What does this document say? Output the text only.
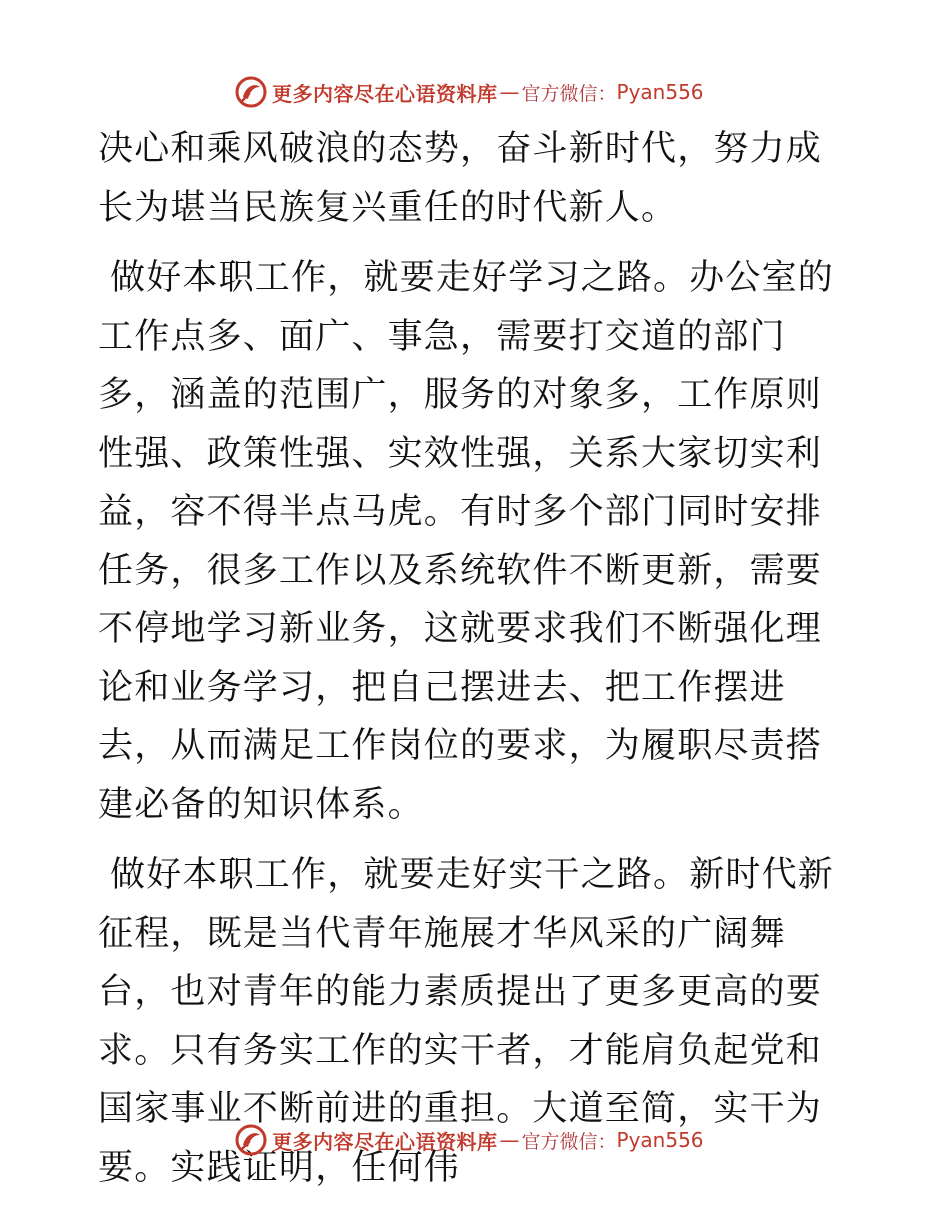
更多内容尽在心语资料库 — 官方微信： Pyan556

决心和乘风破浪的态势，奋斗新时代，努力成长为堪当民族复兴重任的时代新人。

做好本职工作，就要走好学习之路。办公室的工作点多、面广、事急，需要打交道的部门多，涵盖的范围广，服务的对象多，工作原则性强、政策性强、实效性强，关系大家切实利益，容不得半点马虎。有时多个部门同时安排任务，很多工作以及系统软件不断更新，需要不停地学习新业务，这就要求我们不断强化理论和业务学习，把自己摆进去、把工作摆进去，从而满足工作岗位的要求，为履职尽责搭建必备的知识体系。

做好本职工作，就要走好实干之路。新时代新征程，既是当代青年施展才华风采的广阔舞台，也对青年的能力素质提出了更多更高的要求。只有务实工作的实干者，才能肩负起党和国家事业不断前进的重担。大道至简，实干为要。实践证明，任何伟

更多内容尽在心语资料库 — 官方微信： Pyan556
